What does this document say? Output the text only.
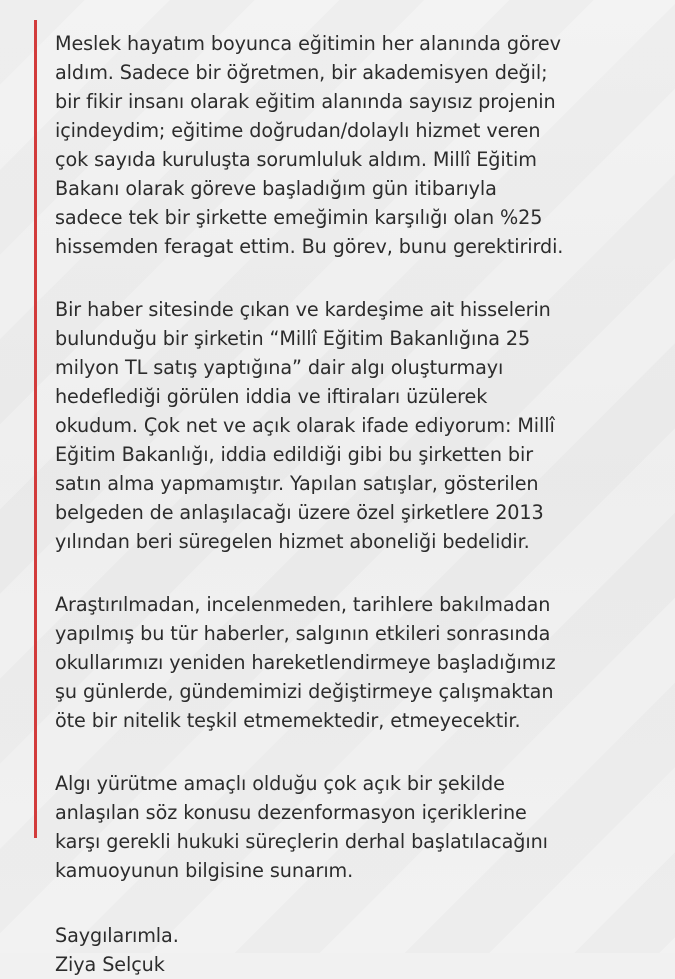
Meslek hayatım boyunca eğitimin her alanında görev
aldım. Sadece bir öğretmen, bir akademisyen değil;
bir fikir insanı olarak eğitim alanında sayısız projenin
içindeydim; eğitime doğrudan/dolaylı hizmet veren
çok sayıda kuruluşta sorumluluk aldım. Millî Eğitim
Bakanı olarak göreve başladığım gün itibarıyla
sadece tek bir şirkette emeğimin karşılığı olan %25
hissemden feragat ettim. Bu görev, bunu gerektirirdi.

Bir haber sitesinde çıkan ve kardeşime ait hisselerin
bulunduğu bir şirketin “Millî Eğitim Bakanlığına 25
milyon TL satış yaptığına” dair algı oluşturmayı
hedeflediği görülen iddia ve iftiraları üzülerek
okudum. Çok net ve açık olarak ifade ediyorum: Millî
Eğitim Bakanlığı, iddia edildiği gibi bu şirketten bir
satın alma yapmamıştır. Yapılan satışlar, gösterilen
belgeden de anlaşılacağı üzere özel şirketlere 2013
yılından beri süregelen hizmet aboneliği bedelidir.

Araştırılmadan, incelenmeden, tarihlere bakılmadan
yapılmış bu tür haberler, salgının etkileri sonrasında
okullarımızı yeniden hareketlendirmeye başladığımız
şu günlerde, gündemimizi değiştirmeye çalışmaktan
öte bir nitelik teşkil etmemektedir, etmeyecektir.

Algı yürütme amaçlı olduğu çok açık bir şekilde
anlaşılan söz konusu dezenformasyon içeriklerine
karşı gerekli hukuki süreçlerin derhal başlatılacağını
kamuoyunun bilgisine sunarım.

Saygılarımla.
Ziya Selçuk
